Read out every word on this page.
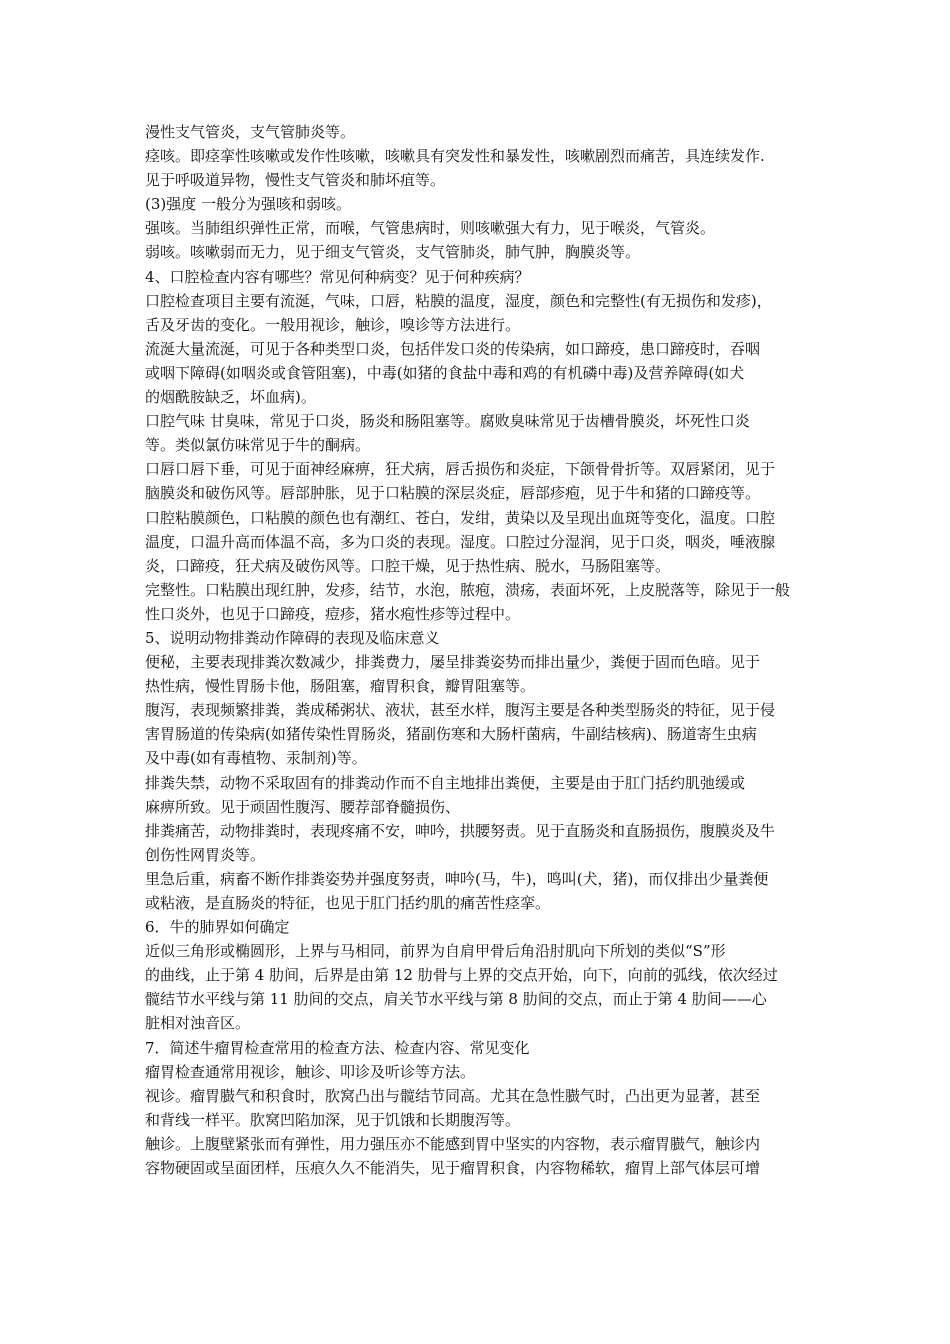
漫性支气管炎，支气管肺炎等。
痉咳。即痉挛性咳嗽或发作性咳嗽，咳嗽具有突发性和暴发性，咳嗽剧烈而痛苦，具连续发作.
见于呼吸道异物，慢性支气管炎和肺坏疽等。
(3)强度 一般分为强咳和弱咳。
强咳。当肺组织弹性正常，而喉，气管患病时，则咳嗽强大有力，见于喉炎，气管炎。
弱咳。咳嗽弱而无力，见于细支气管炎，支气管肺炎，肺气肿，胸膜炎等。
4、口腔检查内容有哪些？常见何种病变？见于何种疾病？
口腔检查项目主要有流涎，气味，口唇，粘膜的温度，湿度，颜色和完整性(有无损伤和发疹)，
舌及牙齿的变化。一般用视诊，触诊，嗅诊等方法进行。
流涎大量流涎，可见于各种类型口炎，包括伴发口炎的传染病，如口蹄疫，患口蹄疫时，吞咽
或咽下障碍(如咽炎或食管阻塞)，中毒(如猪的食盐中毒和鸡的有机磷中毒)及营养障碍(如犬
的烟酰胺缺乏，坏血病)。
口腔气味 甘臭味，常见于口炎，肠炎和肠阻塞等。腐败臭味常见于齿槽骨膜炎，坏死性口炎
等。类似氯仿味常见于牛的酮病。
口唇口唇下垂，可见于面神经麻痹，狂犬病，唇舌损伤和炎症，下颌骨骨折等。双唇紧闭，见于
脑膜炎和破伤风等。唇部肿胀，见于口粘膜的深层炎症，唇部疹疱，见于牛和猪的口蹄疫等。
口腔粘膜颜色，口粘膜的颜色也有潮红、苍白，发绀，黄染以及呈现出血斑等变化，温度。口腔
温度，口温升高而体温不高，多为口炎的表现。湿度。口腔过分湿润，见于口炎，咽炎，唾液腺
炎，口蹄疫，狂犬病及破伤风等。口腔干燥，见于热性病、脱水，马肠阻塞等。
完整性。口粘膜出现红肿，发疹，结节，水泡，脓疱，溃疡，表面坏死，上皮脱落等，除见于一般
性口炎外，也见于口蹄疫，痘疹，猪水疱性疹等过程中。
5、说明动物排粪动作障碍的表现及临床意义
便秘，主要表现排粪次数减少，排粪费力，屡呈排粪姿势而排出量少，粪便于固而色暗。见于
热性病，慢性胃肠卡他，肠阻塞，瘤胃积食，瓣胃阻塞等。
腹泻，表现频繁排粪，粪成稀粥状、液状，甚至水样，腹泻主要是各种类型肠炎的特征，见于侵
害胃肠道的传染病(如猪传染性胃肠炎，猪副伤寒和大肠杆菌病，牛副结核病)、肠道寄生虫病
及中毒(如有毒植物、汞制剂)等。
排粪失禁，动物不采取固有的排粪动作而不自主地排出粪便，主要是由于肛门括约肌弛缓或
麻痹所致。见于顽固性腹泻、腰荐部脊髓损伤、
排粪痛苦，动物排粪时，表现疼痛不安，呻吟，拱腰努责。见于直肠炎和直肠损伤，腹膜炎及牛
创伤性网胃炎等。
里急后重，病畜不断作排粪姿势并强度努责，呻吟(马，牛)，鸣叫(犬，猪)，而仅排出少量粪便
或粘液，是直肠炎的特征，也见于肛门括约肌的痛苦性痉挛。
6．牛的肺界如何确定
近似三角形或椭圆形，上界与马相同，前界为自肩甲骨后角沿肘肌向下所划的类似“S”形
的曲线，止于第 4 肋间，后界是由第 12 肋骨与上界的交点开始，向下，向前的弧线，依次经过
髋结节水平线与第 11 肋间的交点，肩关节水平线与第 8 肋间的交点，而止于第 4 肋间——心
脏相对浊音区。
7．简述牛瘤胃检查常用的检查方法、检查内容、常见变化
瘤胃检查通常用视诊，触诊、叩诊及听诊等方法。
视诊。瘤胃臌气和积食时，肷窝凸出与髋结节同高。尤其在急性臌气时，凸出更为显著，甚至
和背线一样平。肷窝凹陷加深，见于饥饿和长期腹泻等。
触诊。上腹壁紧张而有弹性，用力强压亦不能感到胃中坚实的内容物，表示瘤胃臌气，触诊内
容物硬固或呈面团样，压痕久久不能消失，见于瘤胃积食，内容物稀软，瘤胃上部气体层可增
